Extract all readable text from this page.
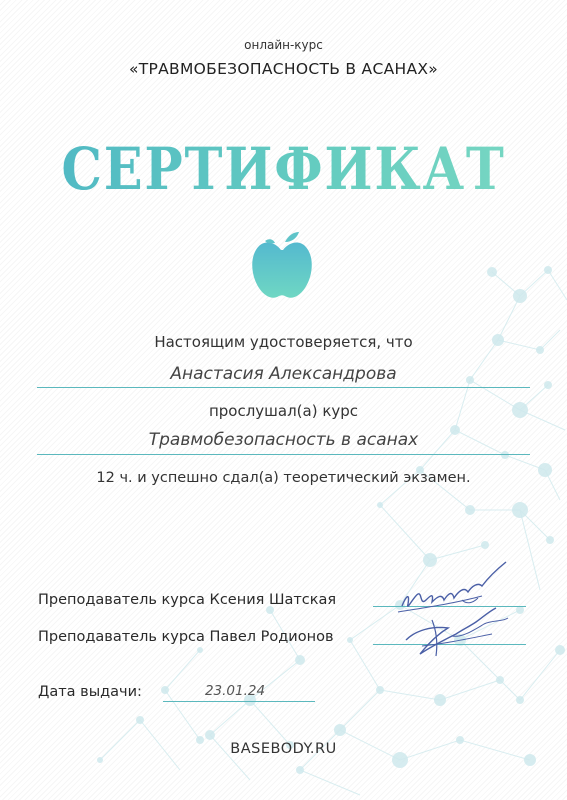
онлайн-курс
«ТРАВМОБЕЗОПАСНОСТЬ В АСАНАХ»
СЕРТИФИКАТ
Настоящим удостоверяется, что
Анастасия Александрова
прослушал(а) курс
Травмобезопасность в асанах
12 ч. и успешно сдал(а) теоретический экзамен.
Преподаватель курса Ксения Шатская
Преподаватель курса Павел Родионов
Дата выдачи:	23.01.24
BASEBODY.RU
